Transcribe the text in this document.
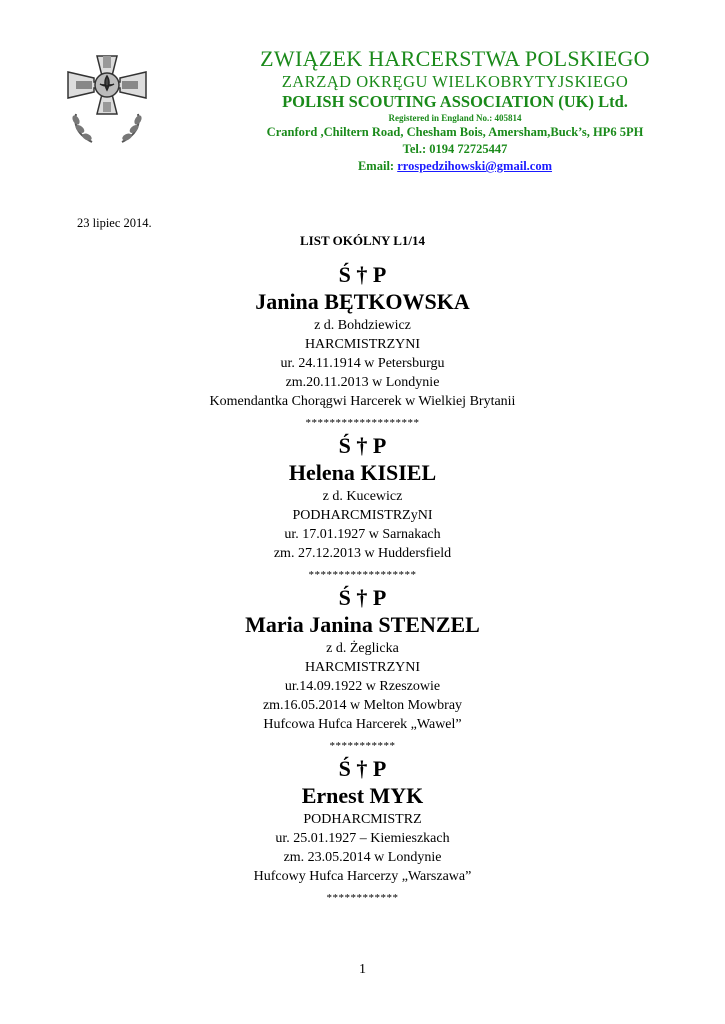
ZWIĄZEK HARCERSTWA POLSKIEGO
ZARZĄD OKRĘGU WIELKOBRYTYJSKIEGO
POLISH SCOUTING ASSOCIATION (UK) Ltd.
Registered in England No.: 405814
Cranford ,Chiltern Road, Chesham Bois, Amersham,Buck’s, HP6 5PH
Tel.: 0194 72725447
Email: rrospedzihowski@gmail.com
23 lipiec 2014.
LIST OKÓLNY L1/14
Ś † P
Janina BĘTKOWSKA
z d. Bohdziewicz
HARCMISTRZYNI
ur. 24.11.1914 w Petersburgu
zm.20.11.2013 w Londynie
Komendantka Chorągwi Harcerek w Wielkiej Brytanii
*******************
Ś † P
Helena KISIEL
z d. Kucewicz
PODHARCMISTRZyNI
ur. 17.01.1927 w Sarnakach
zm. 27.12.2013 w Huddersfield
******************
Ś † P
Maria Janina STENZEL
z d. Żeglicka
HARCMISTRZYNI
ur.14.09.1922 w Rzeszowie
zm.16.05.2014 w Melton Mowbray
Hufcowa Hufca Harcerek „Wawel”
***********
Ś † P
Ernest MYK
PODHARCMISTRZ
ur. 25.01.1927 – Kiemieszkach
zm. 23.05.2014 w Londynie
Hufcowy Hufca Harcerzy „Warszawa”
************
1
